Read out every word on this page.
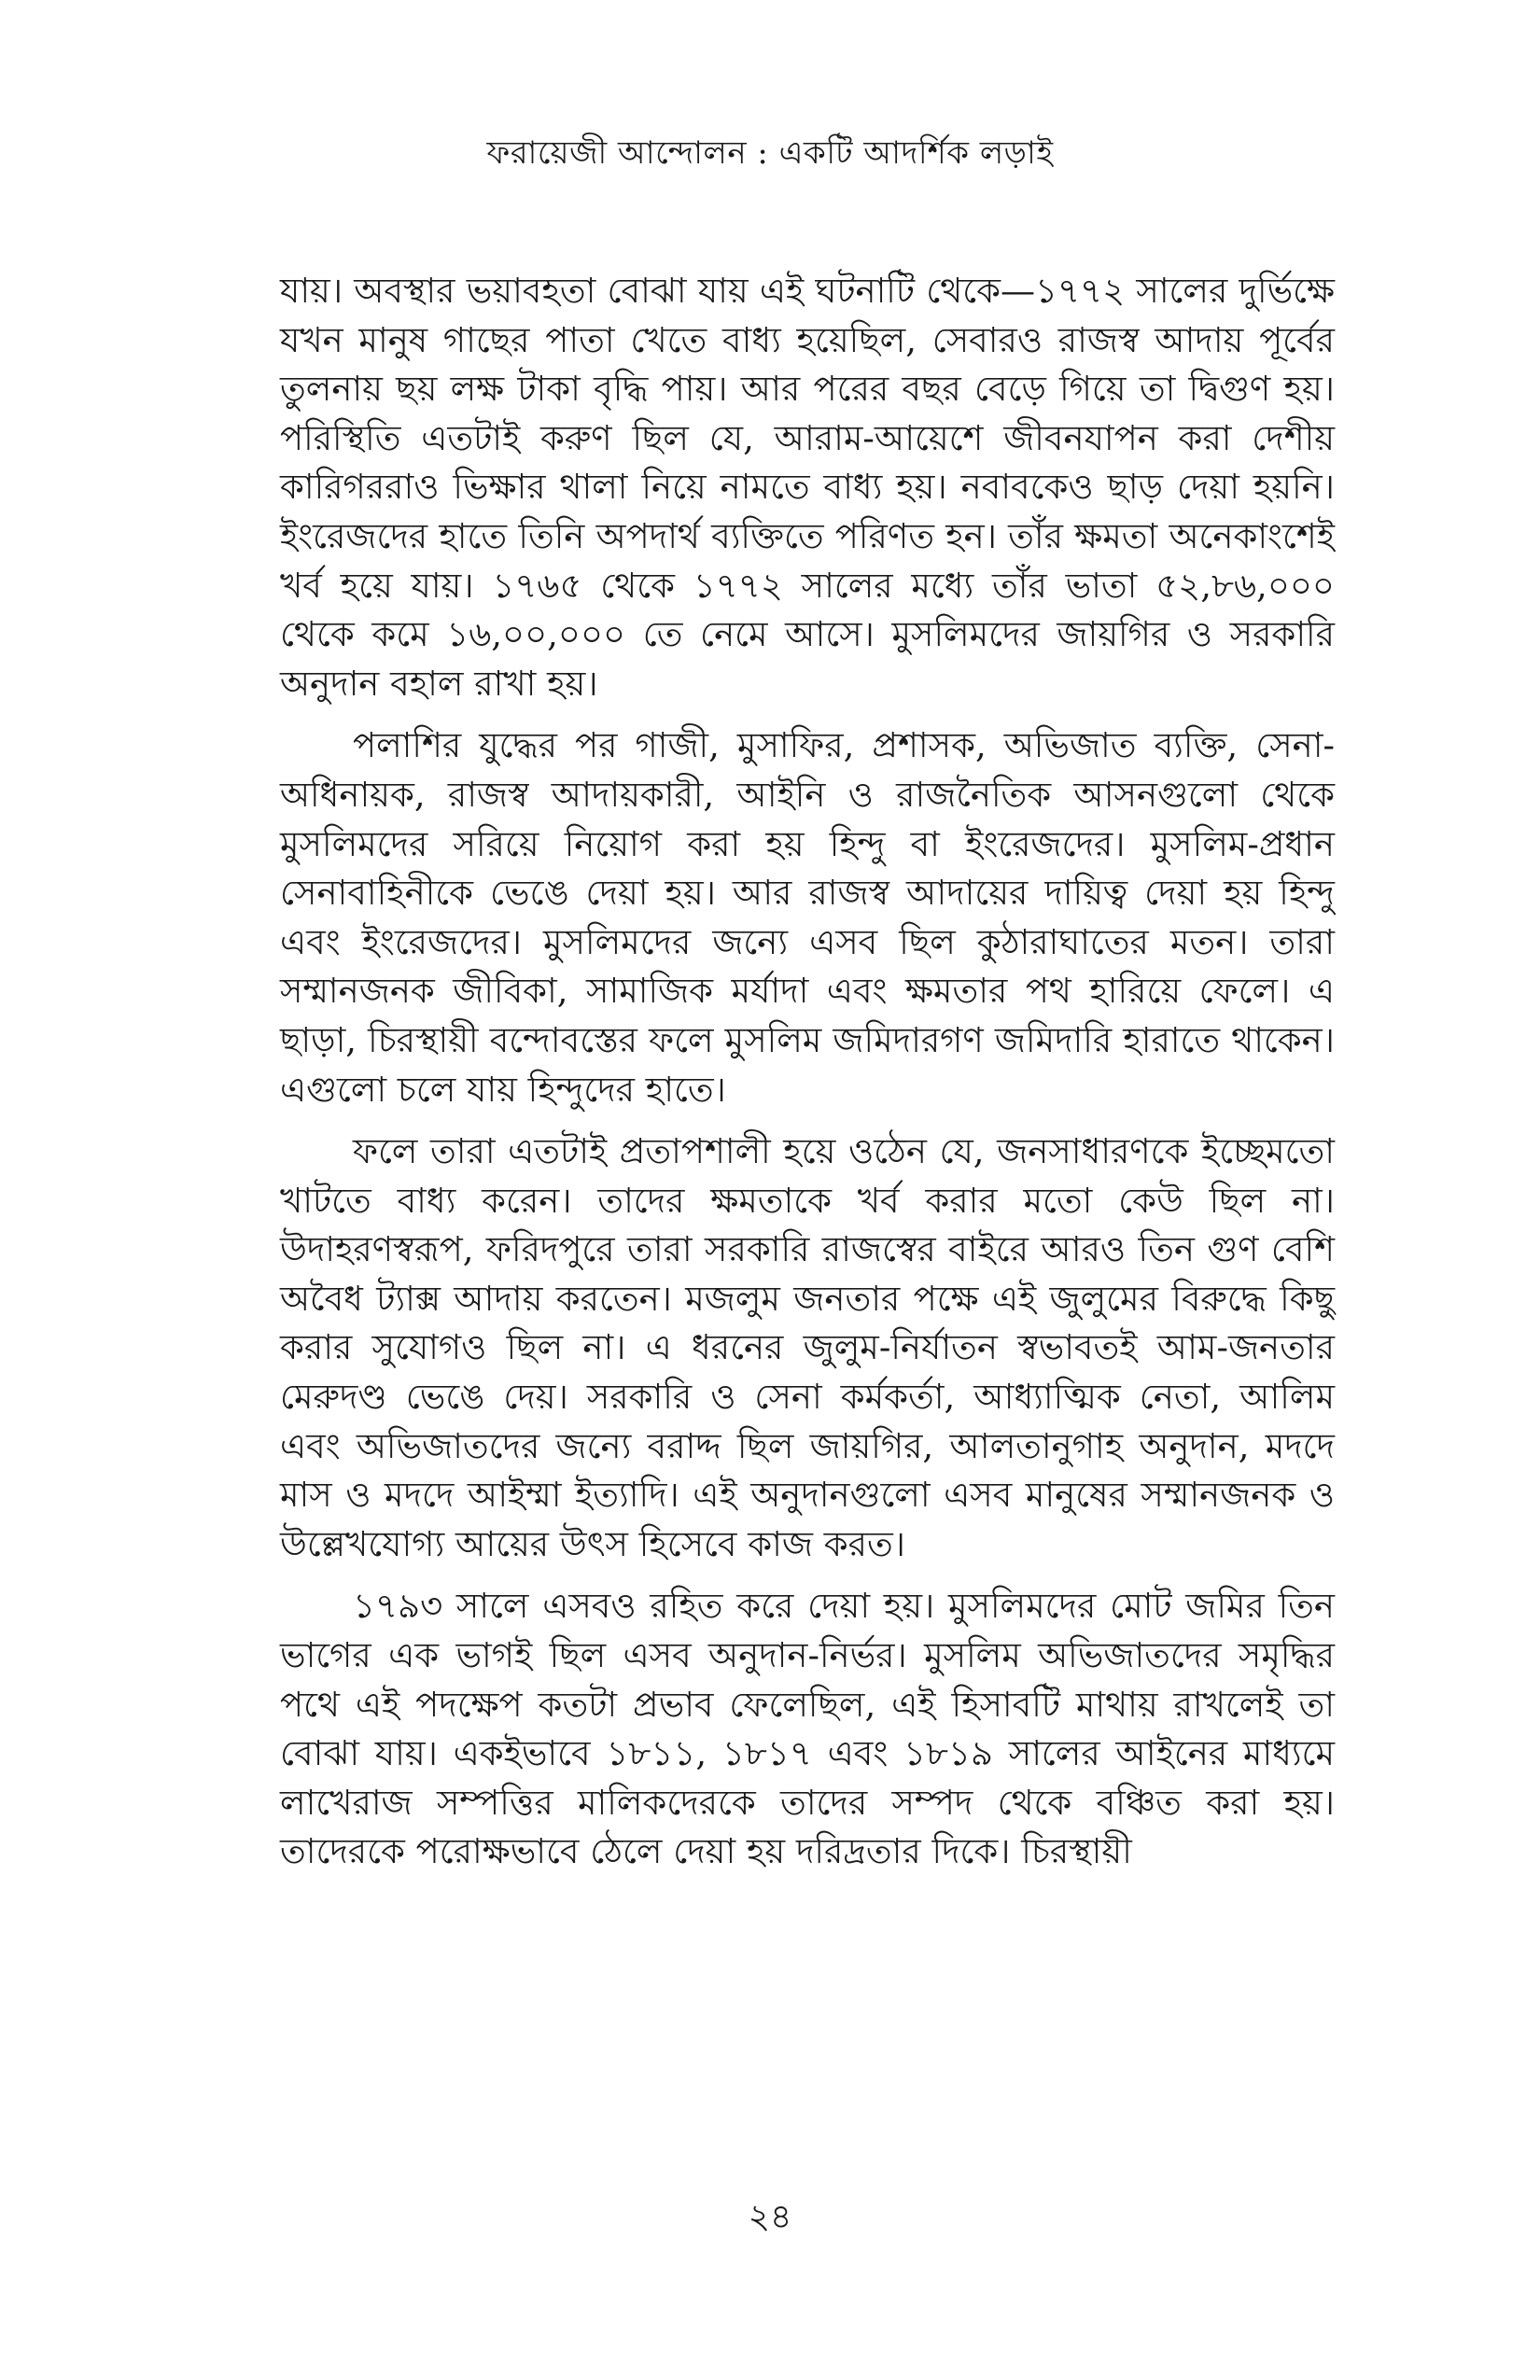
ফরায়েজী আন্দোলন : একটি আদর্শিক লড়াই

যায়। অবস্থার ভয়াবহতা বোঝা যায় এই ঘটনাটি থেকে—১৭৭২ সালের দুর্ভিক্ষে যখন মানুষ গাছের পাতা খেতে বাধ্য হয়েছিল, সেবারও রাজস্ব আদায় পূর্বের তুলনায় ছয় লক্ষ টাকা বৃদ্ধি পায়। আর পরের বছর বেড়ে গিয়ে তা দ্বিগুণ হয়। পরিস্থিতি এতটাই করুণ ছিল যে, আরাম-আয়েশে জীবনযাপন করা দেশীয় কারিগররাও ভিক্ষার থালা নিয়ে নামতে বাধ্য হয়। নবাবকেও ছাড় দেয়া হয়নি। ইংরেজদের হাতে তিনি অপদার্থ ব্যক্তিতে পরিণত হন। তাঁর ক্ষমতা অনেকাংশেই খর্ব হয়ে যায়। ১৭৬৫ থেকে ১৭৭২ সালের মধ্যে তাঁর ভাতা ৫২,৮৬,০০০ থেকে কমে ১৬,০০,০০০ তে নেমে আসে। মুসলিমদের জায়গির ও সরকারি অনুদান বহাল রাখা হয়।

পলাশির যুদ্ধের পর গাজী, মুসাফির, প্রশাসক, অভিজাত ব্যক্তি, সেনা-অধিনায়ক, রাজস্ব আদায়কারী, আইনি ও রাজনৈতিক আসনগুলো থেকে মুসলিমদের সরিয়ে নিয়োগ করা হয় হিন্দু বা ইংরেজদের। মুসলিম-প্রধান সেনাবাহিনীকে ভেঙে দেয়া হয়। আর রাজস্ব আদায়ের দায়িত্ব দেয়া হয় হিন্দু এবং ইংরেজদের। মুসলিমদের জন্যে এসব ছিল কুঠারাঘাতের মতন। তারা সম্মানজনক জীবিকা, সামাজিক মর্যাদা এবং ক্ষমতার পথ হারিয়ে ফেলে। এ ছাড়া, চিরস্থায়ী বন্দোবস্তের ফলে মুসলিম জমিদারগণ জমিদারি হারাতে থাকেন। এগুলো চলে যায় হিন্দুদের হাতে।

ফলে তারা এতটাই প্রতাপশালী হয়ে ওঠেন যে, জনসাধারণকে ইচ্ছেমতো খাটতে বাধ্য করেন। তাদের ক্ষমতাকে খর্ব করার মতো কেউ ছিল না। উদাহরণস্বরূপ, ফরিদপুরে তারা সরকারি রাজস্বের বাইরে আরও তিন গুণ বেশি অবৈধ ট্যাক্স আদায় করতেন। মজলুম জনতার পক্ষে এই জুলুমের বিরুদ্ধে কিছু করার সুযোগও ছিল না। এ ধরনের জুলুম-নির্যাতন স্বভাবতই আম-জনতার মেরুদণ্ড ভেঙে দেয়। সরকারি ও সেনা কর্মকর্তা, আধ্যাত্মিক নেতা, আলিম এবং অভিজাতদের জন্যে বরাদ্দ ছিল জায়গির, আলতানুগাহ অনুদান, মদদে মাস ও মদদে আইম্মা ইত্যাদি। এই অনুদানগুলো এসব মানুষের সম্মানজনক ও উল্লেখযোগ্য আয়ের উৎস হিসেবে কাজ করত।

১৭৯৩ সালে এসবও রহিত করে দেয়া হয়। মুসলিমদের মোট জমির তিন ভাগের এক ভাগই ছিল এসব অনুদান-নির্ভর। মুসলিম অভিজাতদের সমৃদ্ধির পথে এই পদক্ষেপ কতটা প্রভাব ফেলেছিল, এই হিসাবটি মাথায় রাখলেই তা বোঝা যায়। একইভাবে ১৮১১, ১৮১৭ এবং ১৮১৯ সালের আইনের মাধ্যমে লাখেরাজ সম্পত্তির মালিকদেরকে তাদের সম্পদ থেকে বঞ্চিত করা হয়। তাদেরকে পরোক্ষভাবে ঠেলে দেয়া হয় দরিদ্রতার দিকে। চিরস্থায়ী

২৪
